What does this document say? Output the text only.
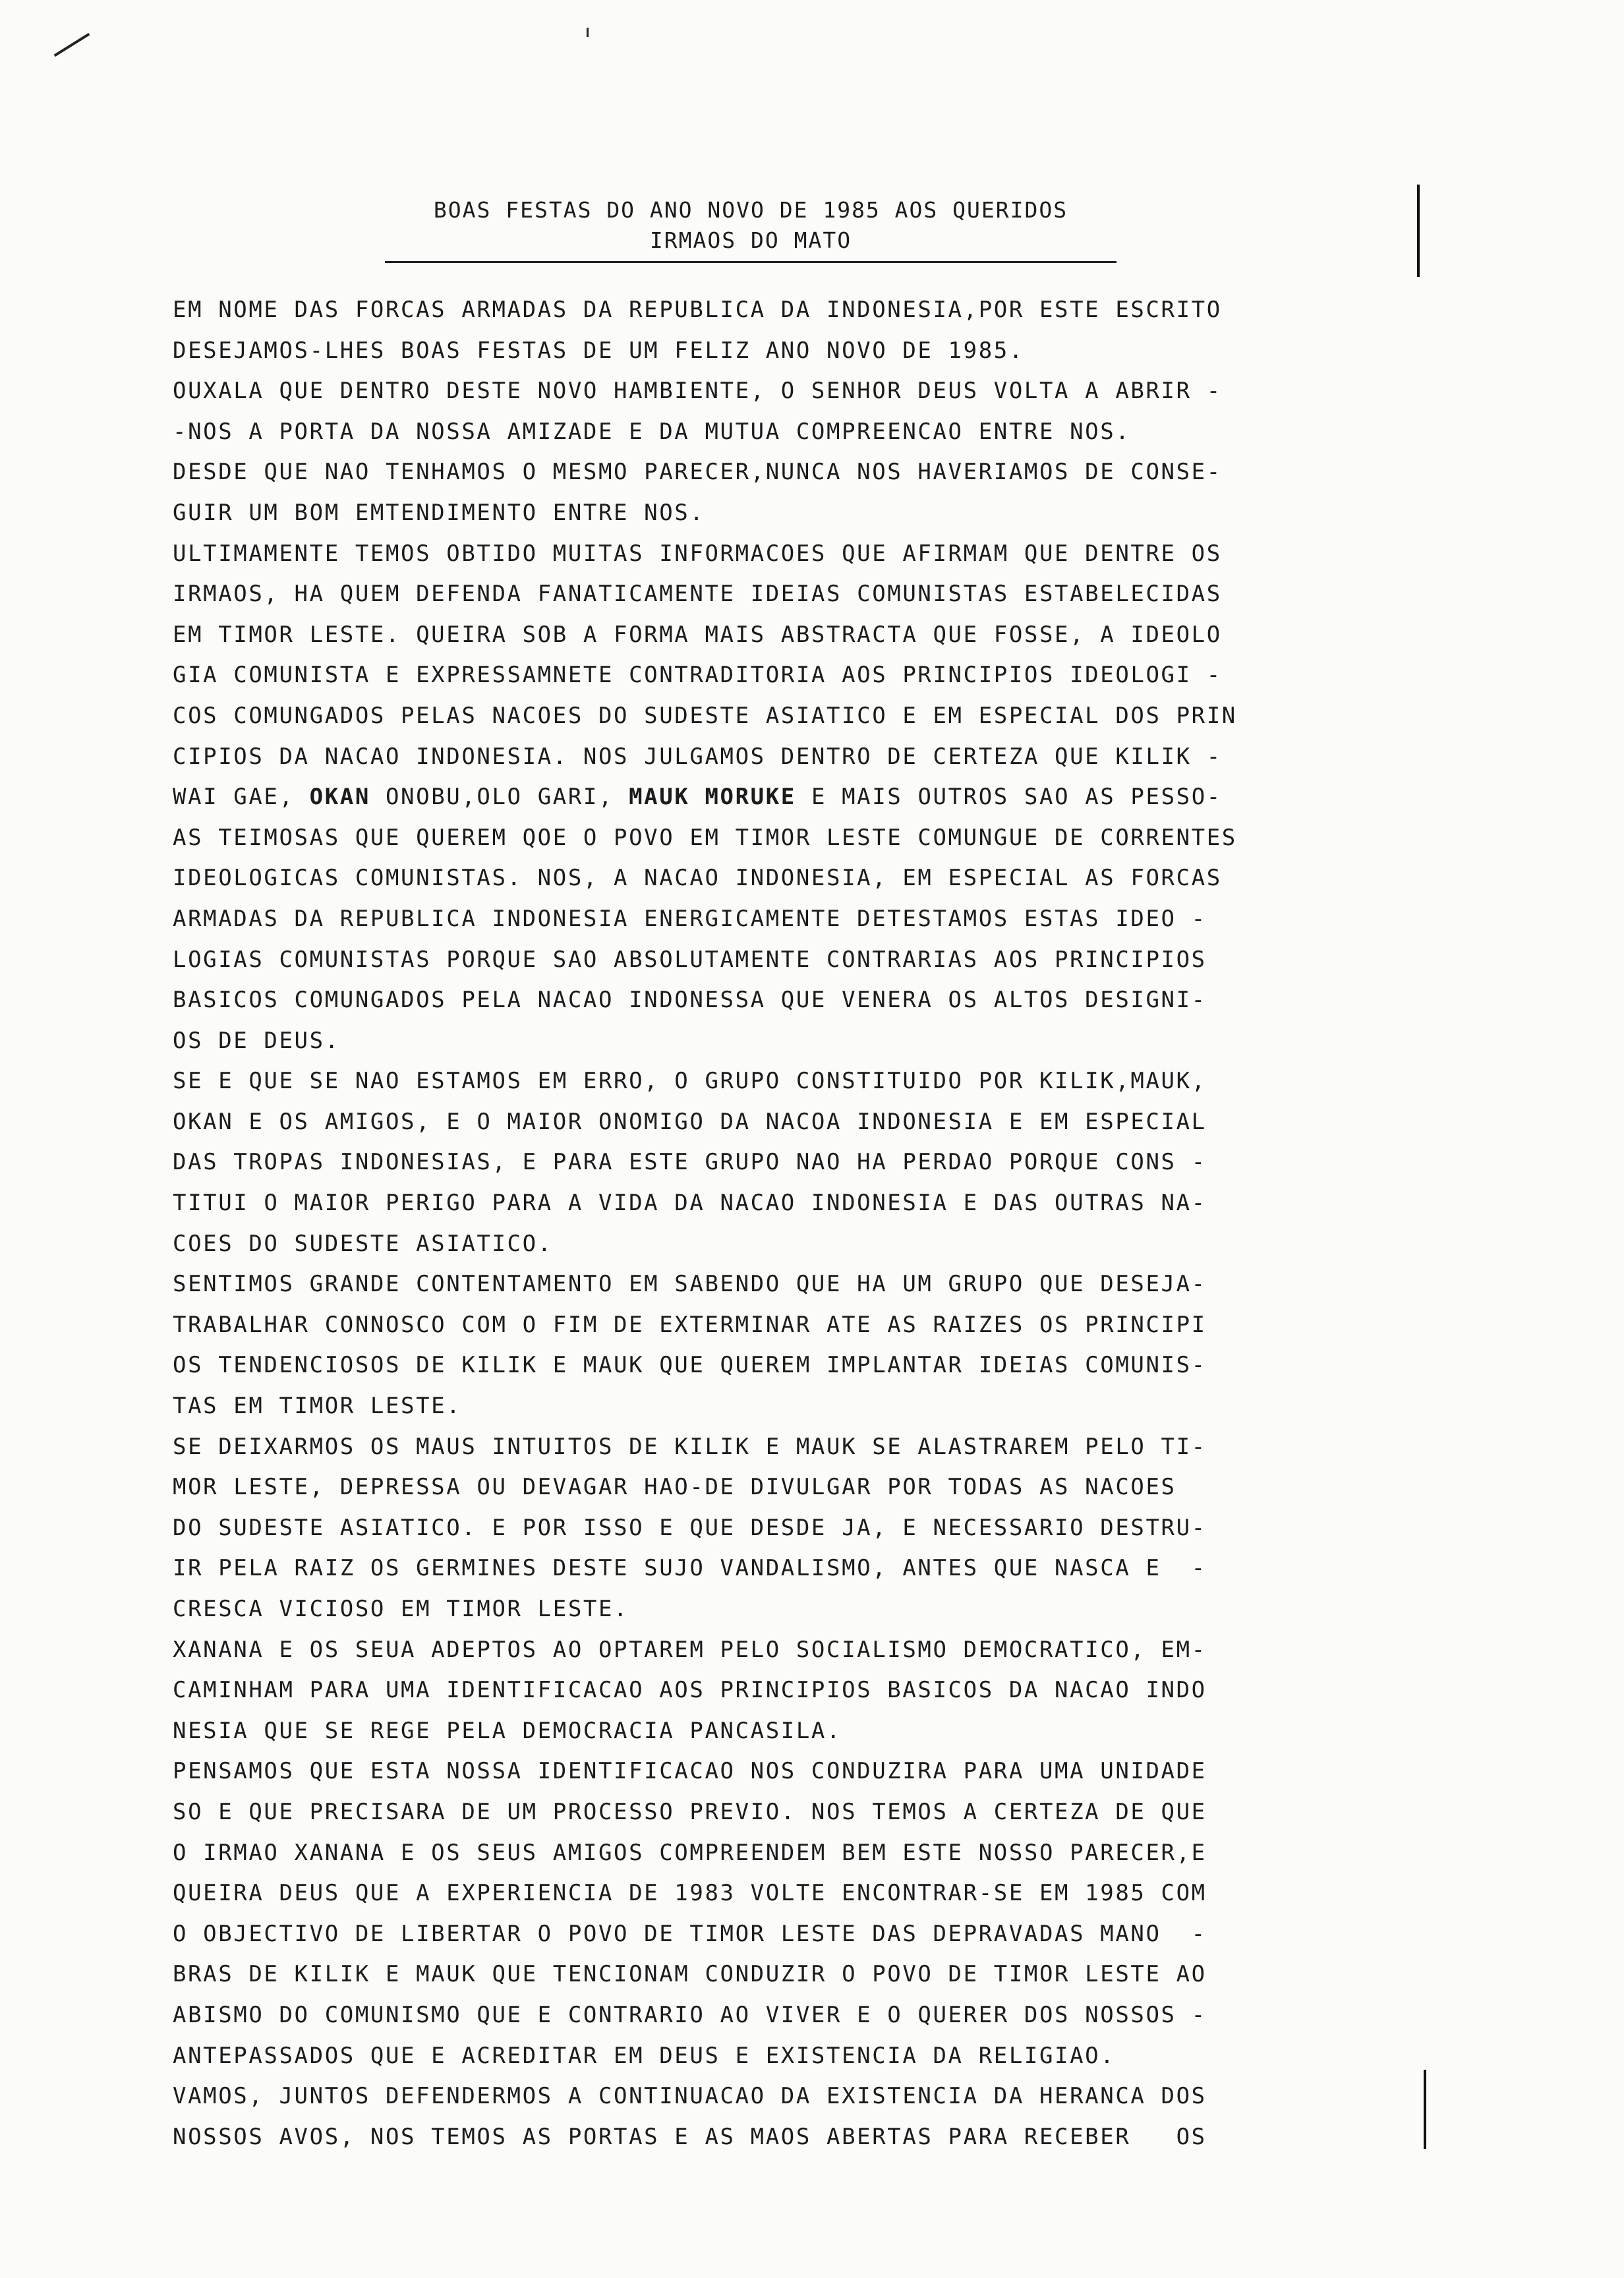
BOAS FESTAS DO ANO NOVO DE 1985 AOS QUERIDOS
IRMAOS DO MATO
EM NOME DAS FORCAS ARMADAS DA REPUBLICA DA INDONESIA,POR ESTE ESCRITO
DESEJAMOS-LHES BOAS FESTAS DE UM FELIZ ANO NOVO DE 1985.
OUXALA QUE DENTRO DESTE NOVO HAMBIENTE, O SENHOR DEUS VOLTA A ABRIR -
-NOS A PORTA DA NOSSA AMIZADE E DA MUTUA COMPREENCAO ENTRE NOS.
DESDE QUE NAO TENHAMOS O MESMO PARECER,NUNCA NOS HAVERIAMOS DE CONSE-
GUIR UM BOM EMTENDIMENTO ENTRE NOS.
ULTIMAMENTE TEMOS OBTIDO MUITAS INFORMACOES QUE AFIRMAM QUE DENTRE OS
IRMAOS, HA QUEM DEFENDA FANATICAMENTE IDEIAS COMUNISTAS ESTABELECIDAS
EM TIMOR LESTE. QUEIRA SOB A FORMA MAIS ABSTRACTA QUE FOSSE, A IDEOLO
GIA COMUNISTA E EXPRESSAMNETE CONTRADITORIA AOS PRINCIPIOS IDEOLOGI -
COS COMUNGADOS PELAS NACOES DO SUDESTE ASIATICO E EM ESPECIAL DOS PRIN
CIPIOS DA NACAO INDONESIA. NOS JULGAMOS DENTRO DE CERTEZA QUE KILIK -
WAI GAE, OKAN ONOBU,OLO GARI, MAUK MORUKE E MAIS OUTROS SAO AS PESSO-
AS TEIMOSAS QUE QUEREM QOE O POVO EM TIMOR LESTE COMUNGUE DE CORRENTES
IDEOLOGICAS COMUNISTAS. NOS, A NACAO INDONESIA, EM ESPECIAL AS FORCAS
ARMADAS DA REPUBLICA INDONESIA ENERGICAMENTE DETESTAMOS ESTAS IDEO -
LOGIAS COMUNISTAS PORQUE SAO ABSOLUTAMENTE CONTRARIAS AOS PRINCIPIOS
BASICOS COMUNGADOS PELA NACAO INDONESSA QUE VENERA OS ALTOS DESIGNI-
OS DE DEUS.
SE E QUE SE NAO ESTAMOS EM ERRO, O GRUPO CONSTITUIDO POR KILIK,MAUK,
OKAN E OS AMIGOS, E O MAIOR ONOMIGO DA NACOA INDONESIA E EM ESPECIAL
DAS TROPAS INDONESIAS, E PARA ESTE GRUPO NAO HA PERDAO PORQUE CONS -
TITUI O MAIOR PERIGO PARA A VIDA DA NACAO INDONESIA E DAS OUTRAS NA-
COES DO SUDESTE ASIATICO.
SENTIMOS GRANDE CONTENTAMENTO EM SABENDO QUE HA UM GRUPO QUE DESEJA-
TRABALHAR CONNOSCO COM O FIM DE EXTERMINAR ATE AS RAIZES OS PRINCIPI
OS TENDENCIOSOS DE KILIK E MAUK QUE QUEREM IMPLANTAR IDEIAS COMUNIS-
TAS EM TIMOR LESTE.
SE DEIXARMOS OS MAUS INTUITOS DE KILIK E MAUK SE ALASTRAREM PELO TI-
MOR LESTE, DEPRESSA OU DEVAGAR HAO-DE DIVULGAR POR TODAS AS NACOES
DO SUDESTE ASIATICO. E POR ISSO E QUE DESDE JA, E NECESSARIO DESTRU-
IR PELA RAIZ OS GERMINES DESTE SUJO VANDALISMO, ANTES QUE NASCA E  -
CRESCA VICIOSO EM TIMOR LESTE.
XANANA E OS SEUA ADEPTOS AO OPTAREM PELO SOCIALISMO DEMOCRATICO, EM-
CAMINHAM PARA UMA IDENTIFICACAO AOS PRINCIPIOS BASICOS DA NACAO INDO
NESIA QUE SE REGE PELA DEMOCRACIA PANCASILA.
PENSAMOS QUE ESTA NOSSA IDENTIFICACAO NOS CONDUZIRA PARA UMA UNIDADE
SO E QUE PRECISARA DE UM PROCESSO PREVIO. NOS TEMOS A CERTEZA DE QUE
O IRMAO XANANA E OS SEUS AMIGOS COMPREENDEM BEM ESTE NOSSO PARECER,E
QUEIRA DEUS QUE A EXPERIENCIA DE 1983 VOLTE ENCONTRAR-SE EM 1985 COM
O OBJECTIVO DE LIBERTAR O POVO DE TIMOR LESTE DAS DEPRAVADAS MANO  -
BRAS DE KILIK E MAUK QUE TENCIONAM CONDUZIR O POVO DE TIMOR LESTE AO
ABISMO DO COMUNISMO QUE E CONTRARIO AO VIVER E O QUERER DOS NOSSOS -
ANTEPASSADOS QUE E ACREDITAR EM DEUS E EXISTENCIA DA RELIGIAO.
VAMOS, JUNTOS DEFENDERMOS A CONTINUACAO DA EXISTENCIA DA HERANCA DOS
NOSSOS AVOS, NOS TEMOS AS PORTAS E AS MAOS ABERTAS PARA RECEBER   OS
